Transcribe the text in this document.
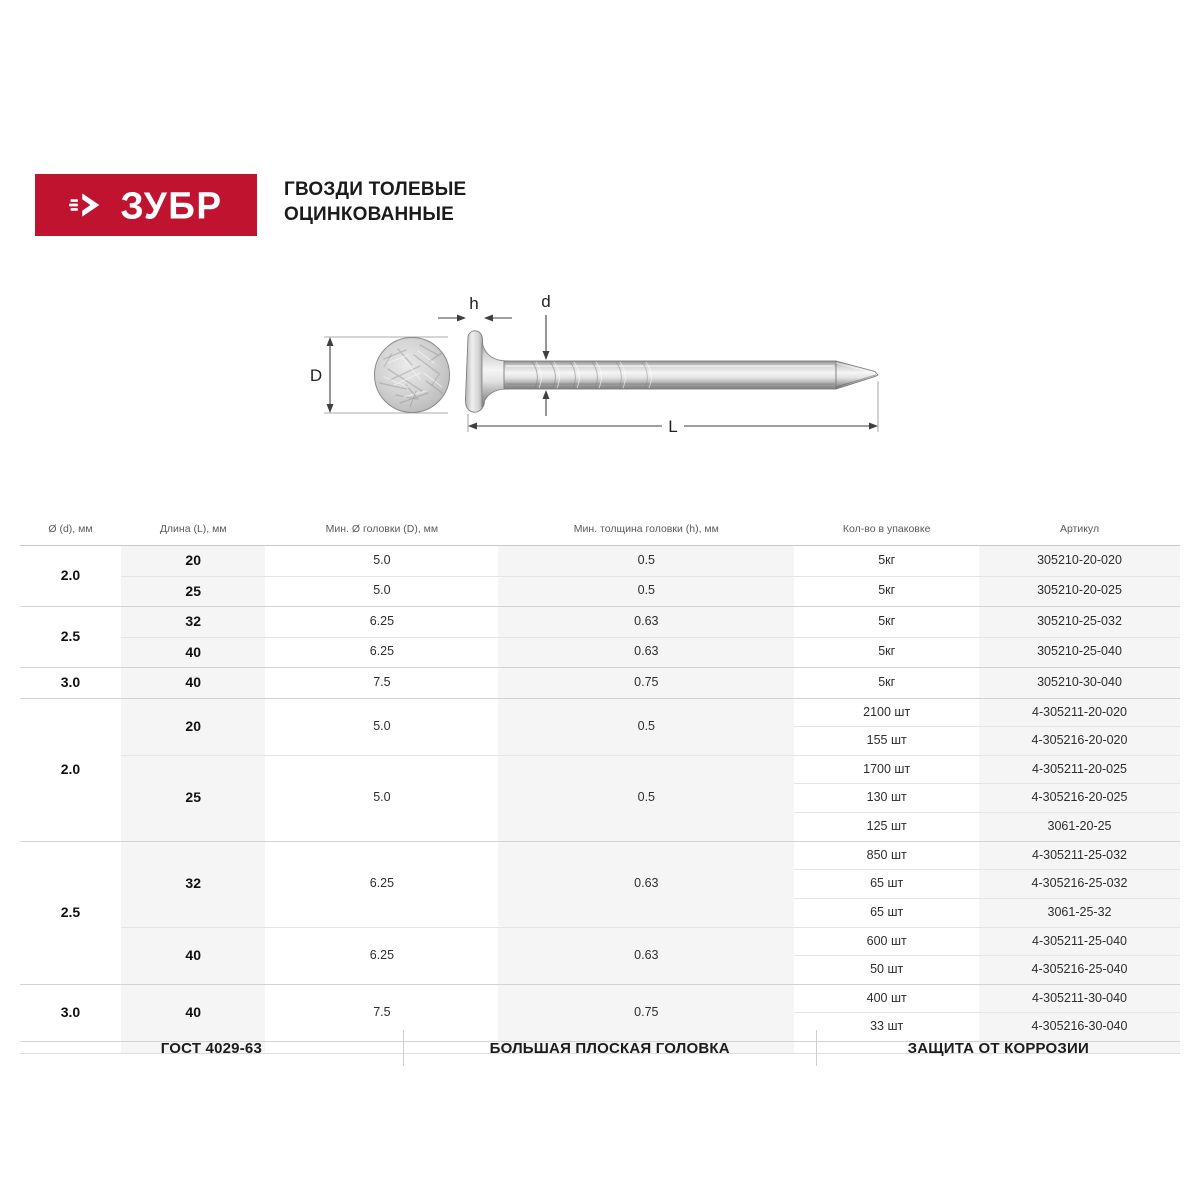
ЗУБР	ГВОЗДИ ТОЛЕВЫЕ
ОЦИНКОВАННЫЕ
D
h	d
L
Ø (d), мм	Длина (L), мм	Мин. Ø головки (D), мм	Мин. толщина головки (h), мм	Кол-во в упаковке	Артикул
2.0	20	5.0	0.5	5кг	305210-20-020
	25	5.0	0.5	5кг	305210-20-025
2.5	32	6.25	0.63	5кг	305210-25-032
	40	6.25	0.63	5кг	305210-25-040
3.0	40	7.5	0.75	5кг	305210-30-040
2.0	20	5.0	0.5	2100 шт	4-305211-20-020
				155 шт	4-305216-20-020
	25	5.0	0.5	1700 шт	4-305211-20-025
				130 шт	4-305216-20-025
				125 шт	3061-20-25
2.5	32	6.25	0.63	850 шт	4-305211-25-032
				65 шт	4-305216-25-032
				65 шт	3061-25-32
	40	6.25	0.63	600 шт	4-305211-25-040
				50 шт	4-305216-25-040
3.0	40	7.5	0.75	400 шт	4-305211-30-040
				33 шт	4-305216-30-040

ГОСТ 4029-63	БОЛЬШАЯ ПЛОСКАЯ ГОЛОВКА	ЗАЩИТА ОТ КОРРОЗИИ
